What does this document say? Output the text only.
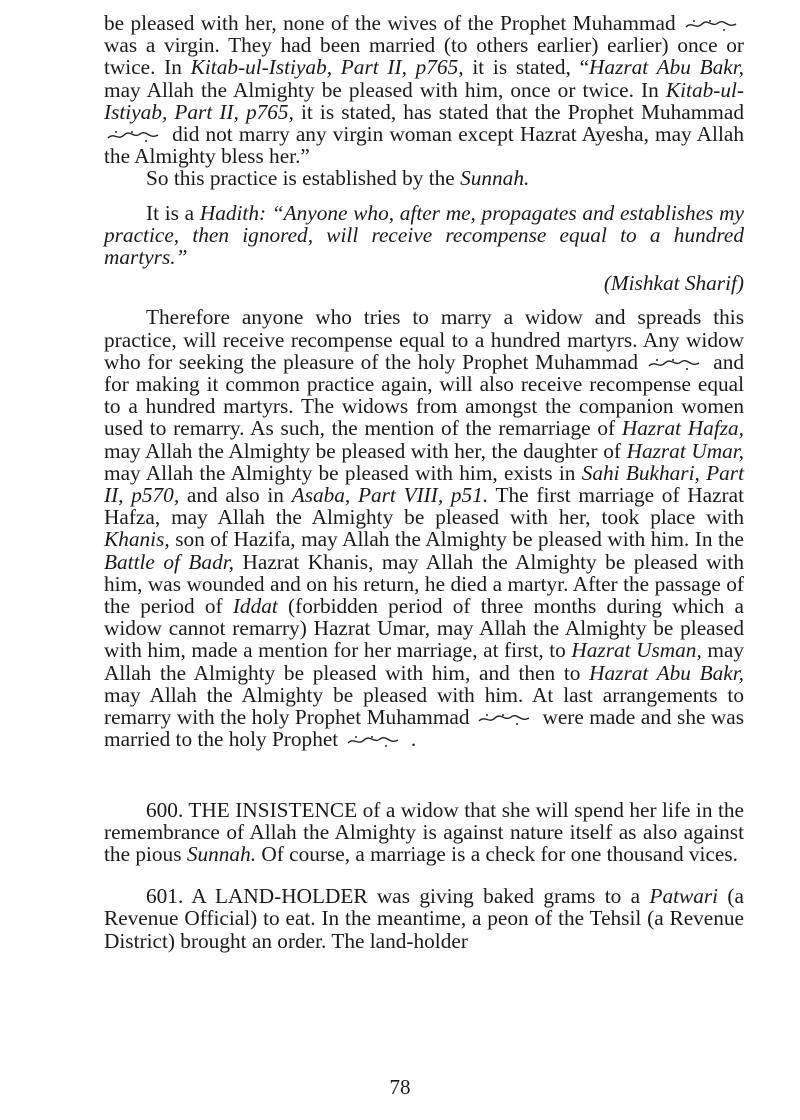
be pleased with her, none of the wives of the Prophet Muhammad
was a virgin. They had been married (to others earlier) earlier) once or twice. In Kitab-ul-Istiyab, Part II, p765, it is stated, “Hazrat Abu Bakr, may Allah the Almighty be pleased with him, once or twice. In Kitab-ul-Istiyab, Part II, p765, it is stated, has stated that the Prophet Muhammad
did not marry any virgin woman except Hazrat Ayesha, may Allah the Almighty bless her.”

So this practice is established by the Sunnah.

It is a Hadith: “Anyone who, after me, propagates and establishes my practice, then ignored, will receive recompense equal to a hundred martyrs.”

(Mishkat Sharif)

Therefore anyone who tries to marry a widow and spreads this practice, will receive recompense equal to a hundred martyrs. Any widow who for seeking the pleasure of the holy Prophet Muhammad	and for making it common practice again, will also receive recompense equal to a hundred martyrs. The widows from amongst the companion women used to remarry. As such, the mention of the remarriage of Hazrat Hafza, may Allah the Almighty be pleased with her, the daughter of Hazrat Umar, may Allah the Almighty be pleased with him, exists in Sahi Bukhari, Part II, p570, and also in Asaba, Part VIII, p51. The first marriage of Hazrat Hafza, may Allah the Almighty be pleased with her, took place with Khanis, son of Hazifa, may Allah the Almighty be pleased with him. In the Battle of Badr, Hazrat Khanis, may Allah the Almighty be pleased with him, was wounded and on his return, he died a martyr. After the passage of the period of Iddat (forbidden period of three months during which a widow cannot remarry) Hazrat Umar, may Allah the Almighty be pleased with him, made a mention for her marriage, at first, to Hazrat Usman, may Allah the Almighty be pleased with him, and then to Hazrat Abu Bakr, may Allah the Almighty be pleased with him. At last arrangements to remarry with the holy Prophet Muhammad	were made and she was married to the holy Prophet	.

600. THE INSISTENCE of a widow that she will spend her life in the remembrance of Allah the Almighty is against nature itself as also against the pious Sunnah. Of course, a marriage is a check for one thousand vices.

601. A LAND-HOLDER was giving baked grams to a Patwari (a Revenue Official) to eat. In the meantime, a peon of the Tehsil (a Revenue District) brought an order. The land-holder

78
